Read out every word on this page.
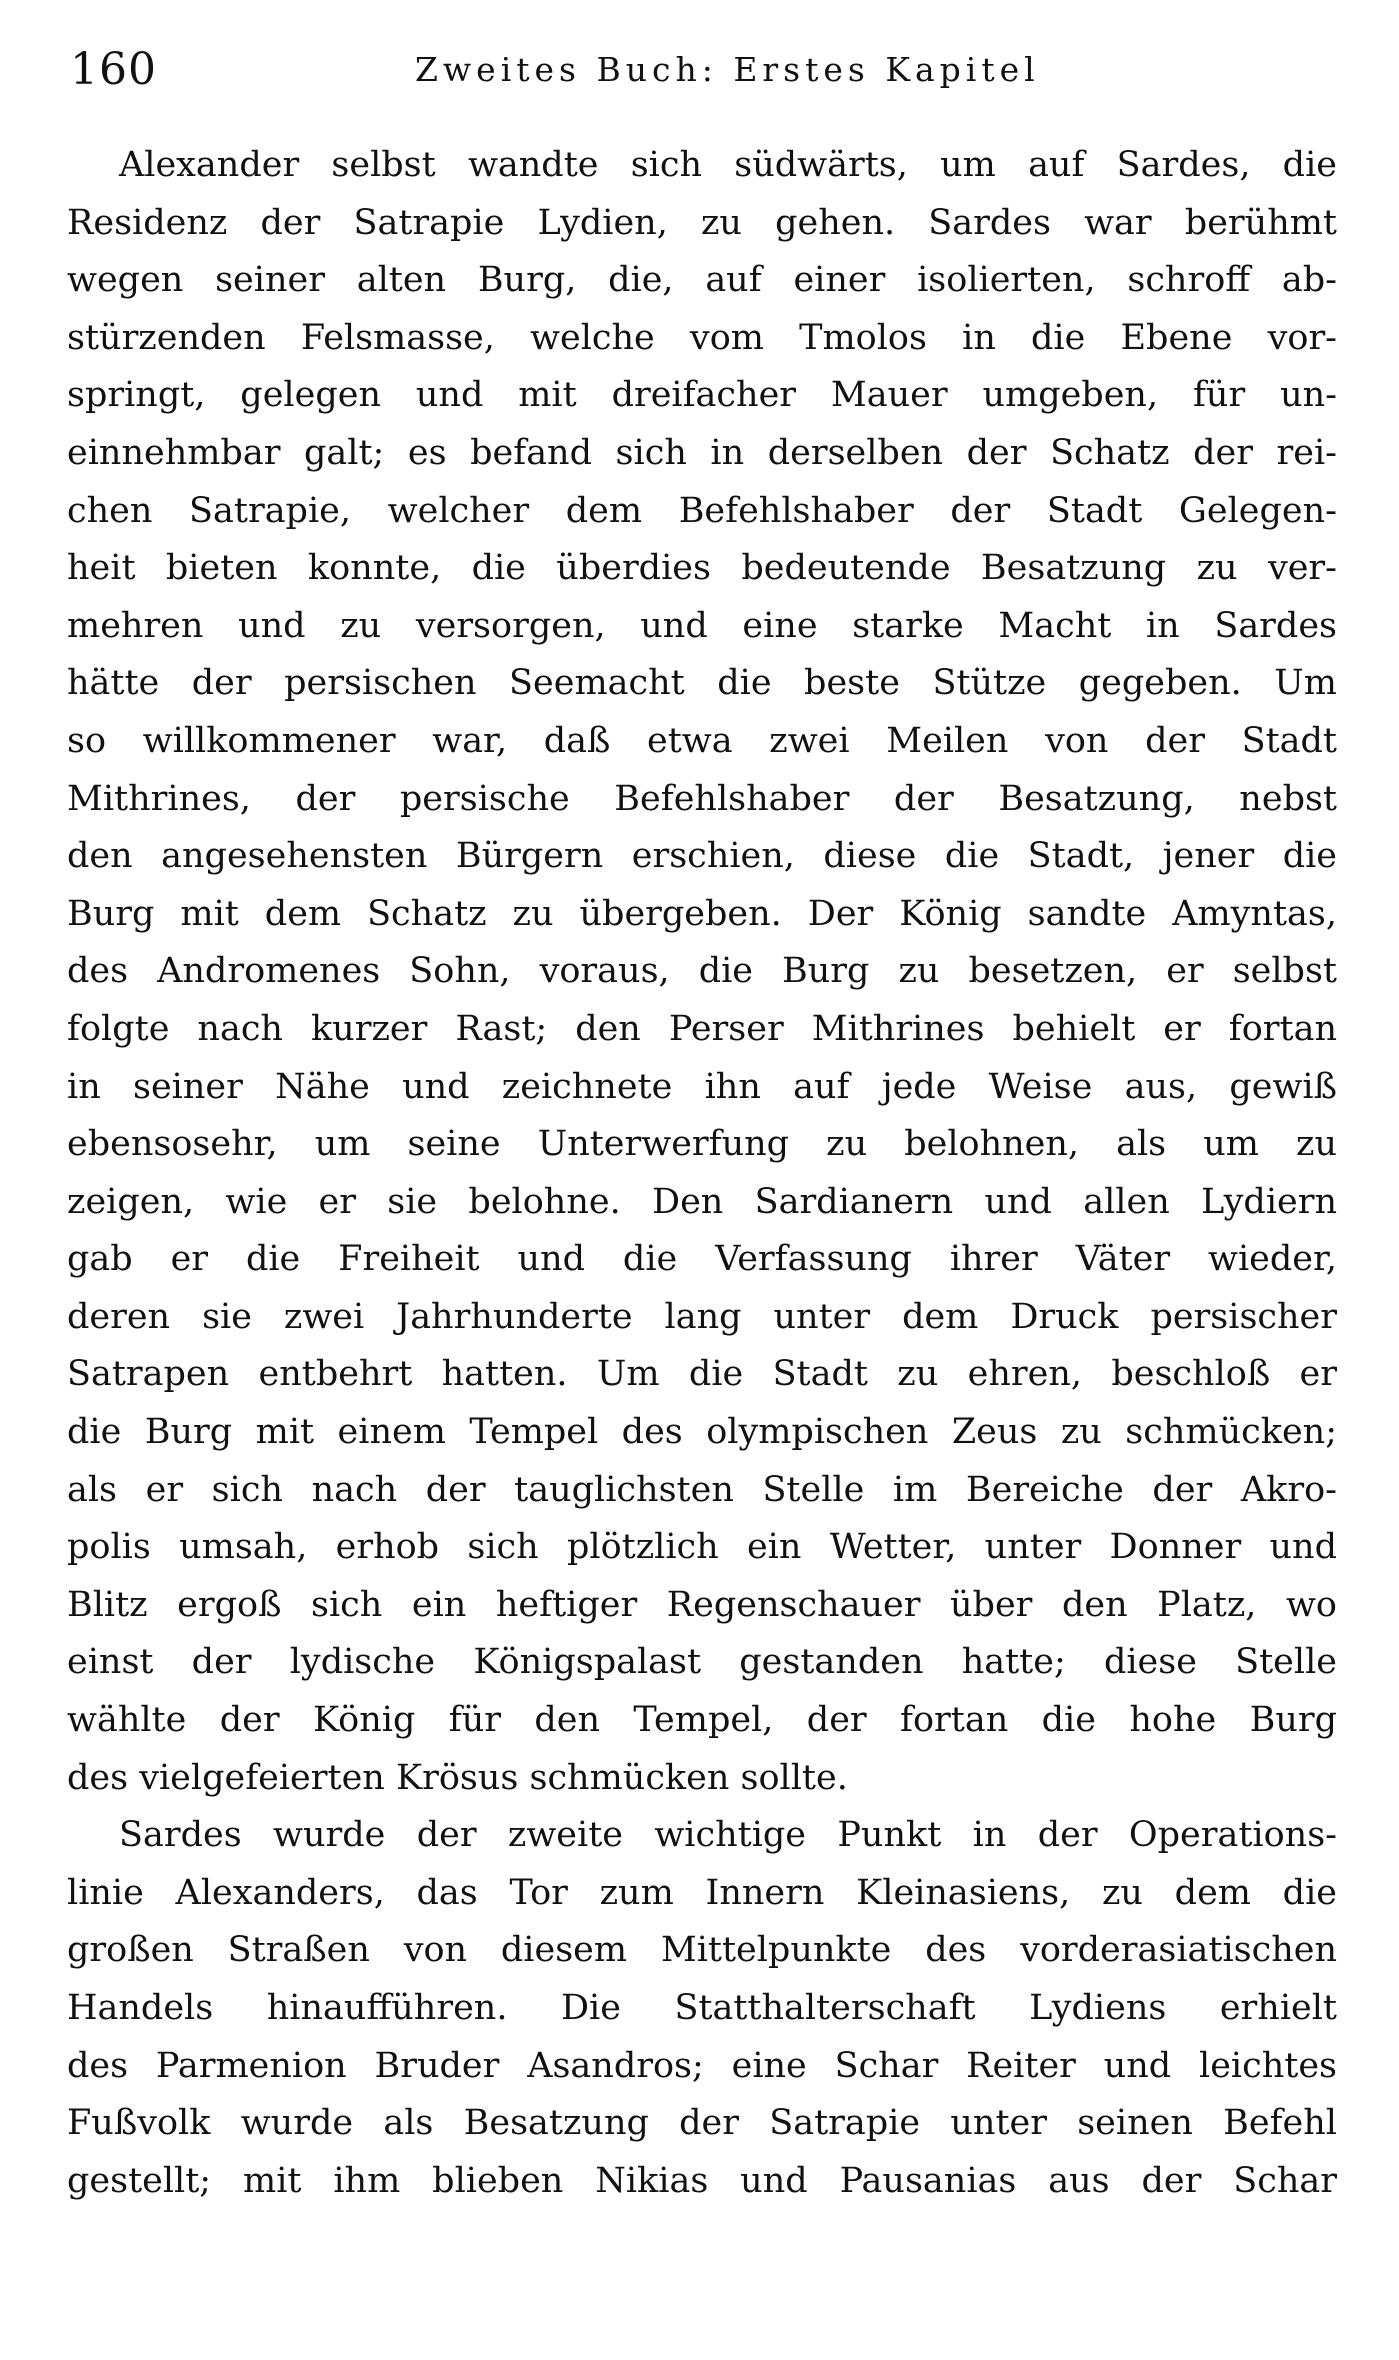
160	Zweites Buch: Erstes Kapitel
Alexander selbst wandte sich südwärts, um auf Sardes, die
Residenz der Satrapie Lydien, zu gehen. Sardes war berühmt
wegen seiner alten Burg, die, auf einer isolierten, schroff ab-
stürzenden Felsmasse, welche vom Tmolos in die Ebene vor-
springt, gelegen und mit dreifacher Mauer umgeben, für un-
einnehmbar galt; es befand sich in derselben der Schatz der rei-
chen Satrapie, welcher dem Befehlshaber der Stadt Gelegen-
heit bieten konnte, die überdies bedeutende Besatzung zu ver-
mehren und zu versorgen, und eine starke Macht in Sardes
hätte der persischen Seemacht die beste Stütze gegeben. Um
so willkommener war, daß etwa zwei Meilen von der Stadt
Mithrines, der persische Befehlshaber der Besatzung, nebst
den angesehensten Bürgern erschien, diese die Stadt, jener die
Burg mit dem Schatz zu übergeben. Der König sandte Amyntas,
des Andromenes Sohn, voraus, die Burg zu besetzen, er selbst
folgte nach kurzer Rast; den Perser Mithrines behielt er fortan
in seiner Nähe und zeichnete ihn auf jede Weise aus, gewiß
ebensosehr, um seine Unterwerfung zu belohnen, als um zu
zeigen, wie er sie belohne. Den Sardianern und allen Lydiern
gab er die Freiheit und die Verfassung ihrer Väter wieder,
deren sie zwei Jahrhunderte lang unter dem Druck persischer
Satrapen entbehrt hatten. Um die Stadt zu ehren, beschloß er
die Burg mit einem Tempel des olympischen Zeus zu schmücken;
als er sich nach der tauglichsten Stelle im Bereiche der Akro-
polis umsah, erhob sich plötzlich ein Wetter, unter Donner und
Blitz ergoß sich ein heftiger Regenschauer über den Platz, wo
einst der lydische Königspalast gestanden hatte; diese Stelle
wählte der König für den Tempel, der fortan die hohe Burg
des vielgefeierten Krösus schmücken sollte.
Sardes wurde der zweite wichtige Punkt in der Operations-
linie Alexanders, das Tor zum Innern Kleinasiens, zu dem die
großen Straßen von diesem Mittelpunkte des vorderasiatischen
Handels hinaufführen. Die Statthalterschaft Lydiens erhielt
des Parmenion Bruder Asandros; eine Schar Reiter und leichtes
Fußvolk wurde als Besatzung der Satrapie unter seinen Befehl
gestellt; mit ihm blieben Nikias und Pausanias aus der Schar
